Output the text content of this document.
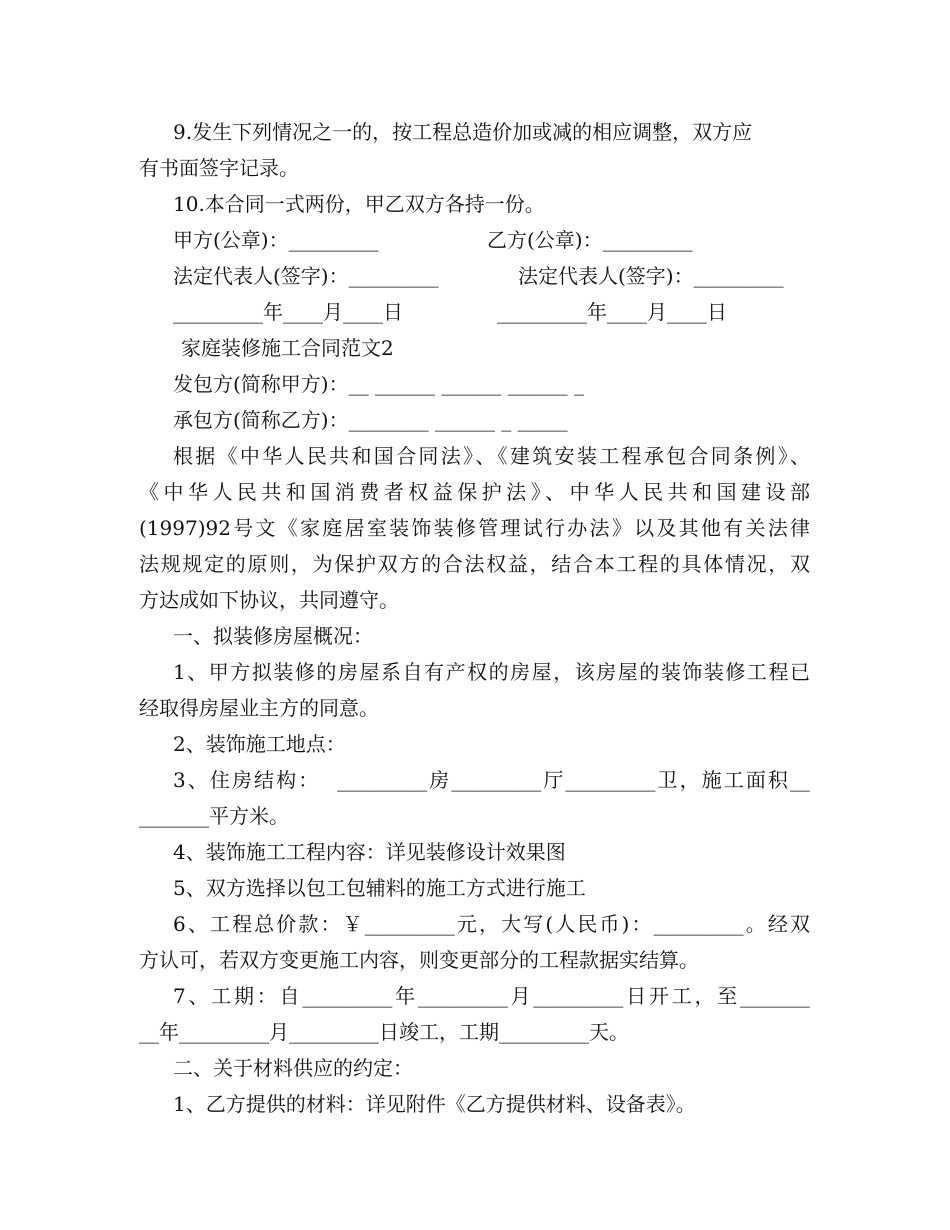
9.发生下列情况之一的，按工程总造价加或减的相应调整，双方应
有书面签字记录。
10.本合同一式两份，甲乙双方各持一份。
甲方(公章)：_________	乙方(公章)：_________
法定代表人(签字)：_________	法定代表人(签字)：_________
_________年____月____日	_________年____月____日
家庭装修施工合同范文2
发包方(简称甲方)：__ ______ ______ ______ _
承包方(简称乙方)：________ ______ _ _____
根据《中华人民共和国合同法》、《建筑安装工程承包合同条例》、
《中华人民共和国消费者权益保护法》、中华人民共和国建设部
(1997)92号文《家庭居室装饰装修管理试行办法》以及其他有关法律
法规规定的原则，为保护双方的合法权益，结合本工程的具体情况，双
方达成如下协议，共同遵守。
一、拟装修房屋概况：
1、甲方拟装修的房屋系自有产权的房屋，该房屋的装饰装修工程已
经取得房屋业主方的同意。
2、装饰施工地点：
3、住房结构：  _________房_________厅_________卫，施工面积__
_______平方米。
4、装饰施工工程内容：详见装修设计效果图
5、双方选择以包工包辅料的施工方式进行施工
6、工程总价款：￥_________元，大写(人民币)：_________。经双
方认可，若双方变更施工内容，则变更部分的工程款据实结算。
7、工期：自_________年_________月_________日开工，至_______
__年_________月_________日竣工，工期_________天。
二、关于材料供应的约定：
1、乙方提供的材料：详见附件《乙方提供材料、设备表》。
